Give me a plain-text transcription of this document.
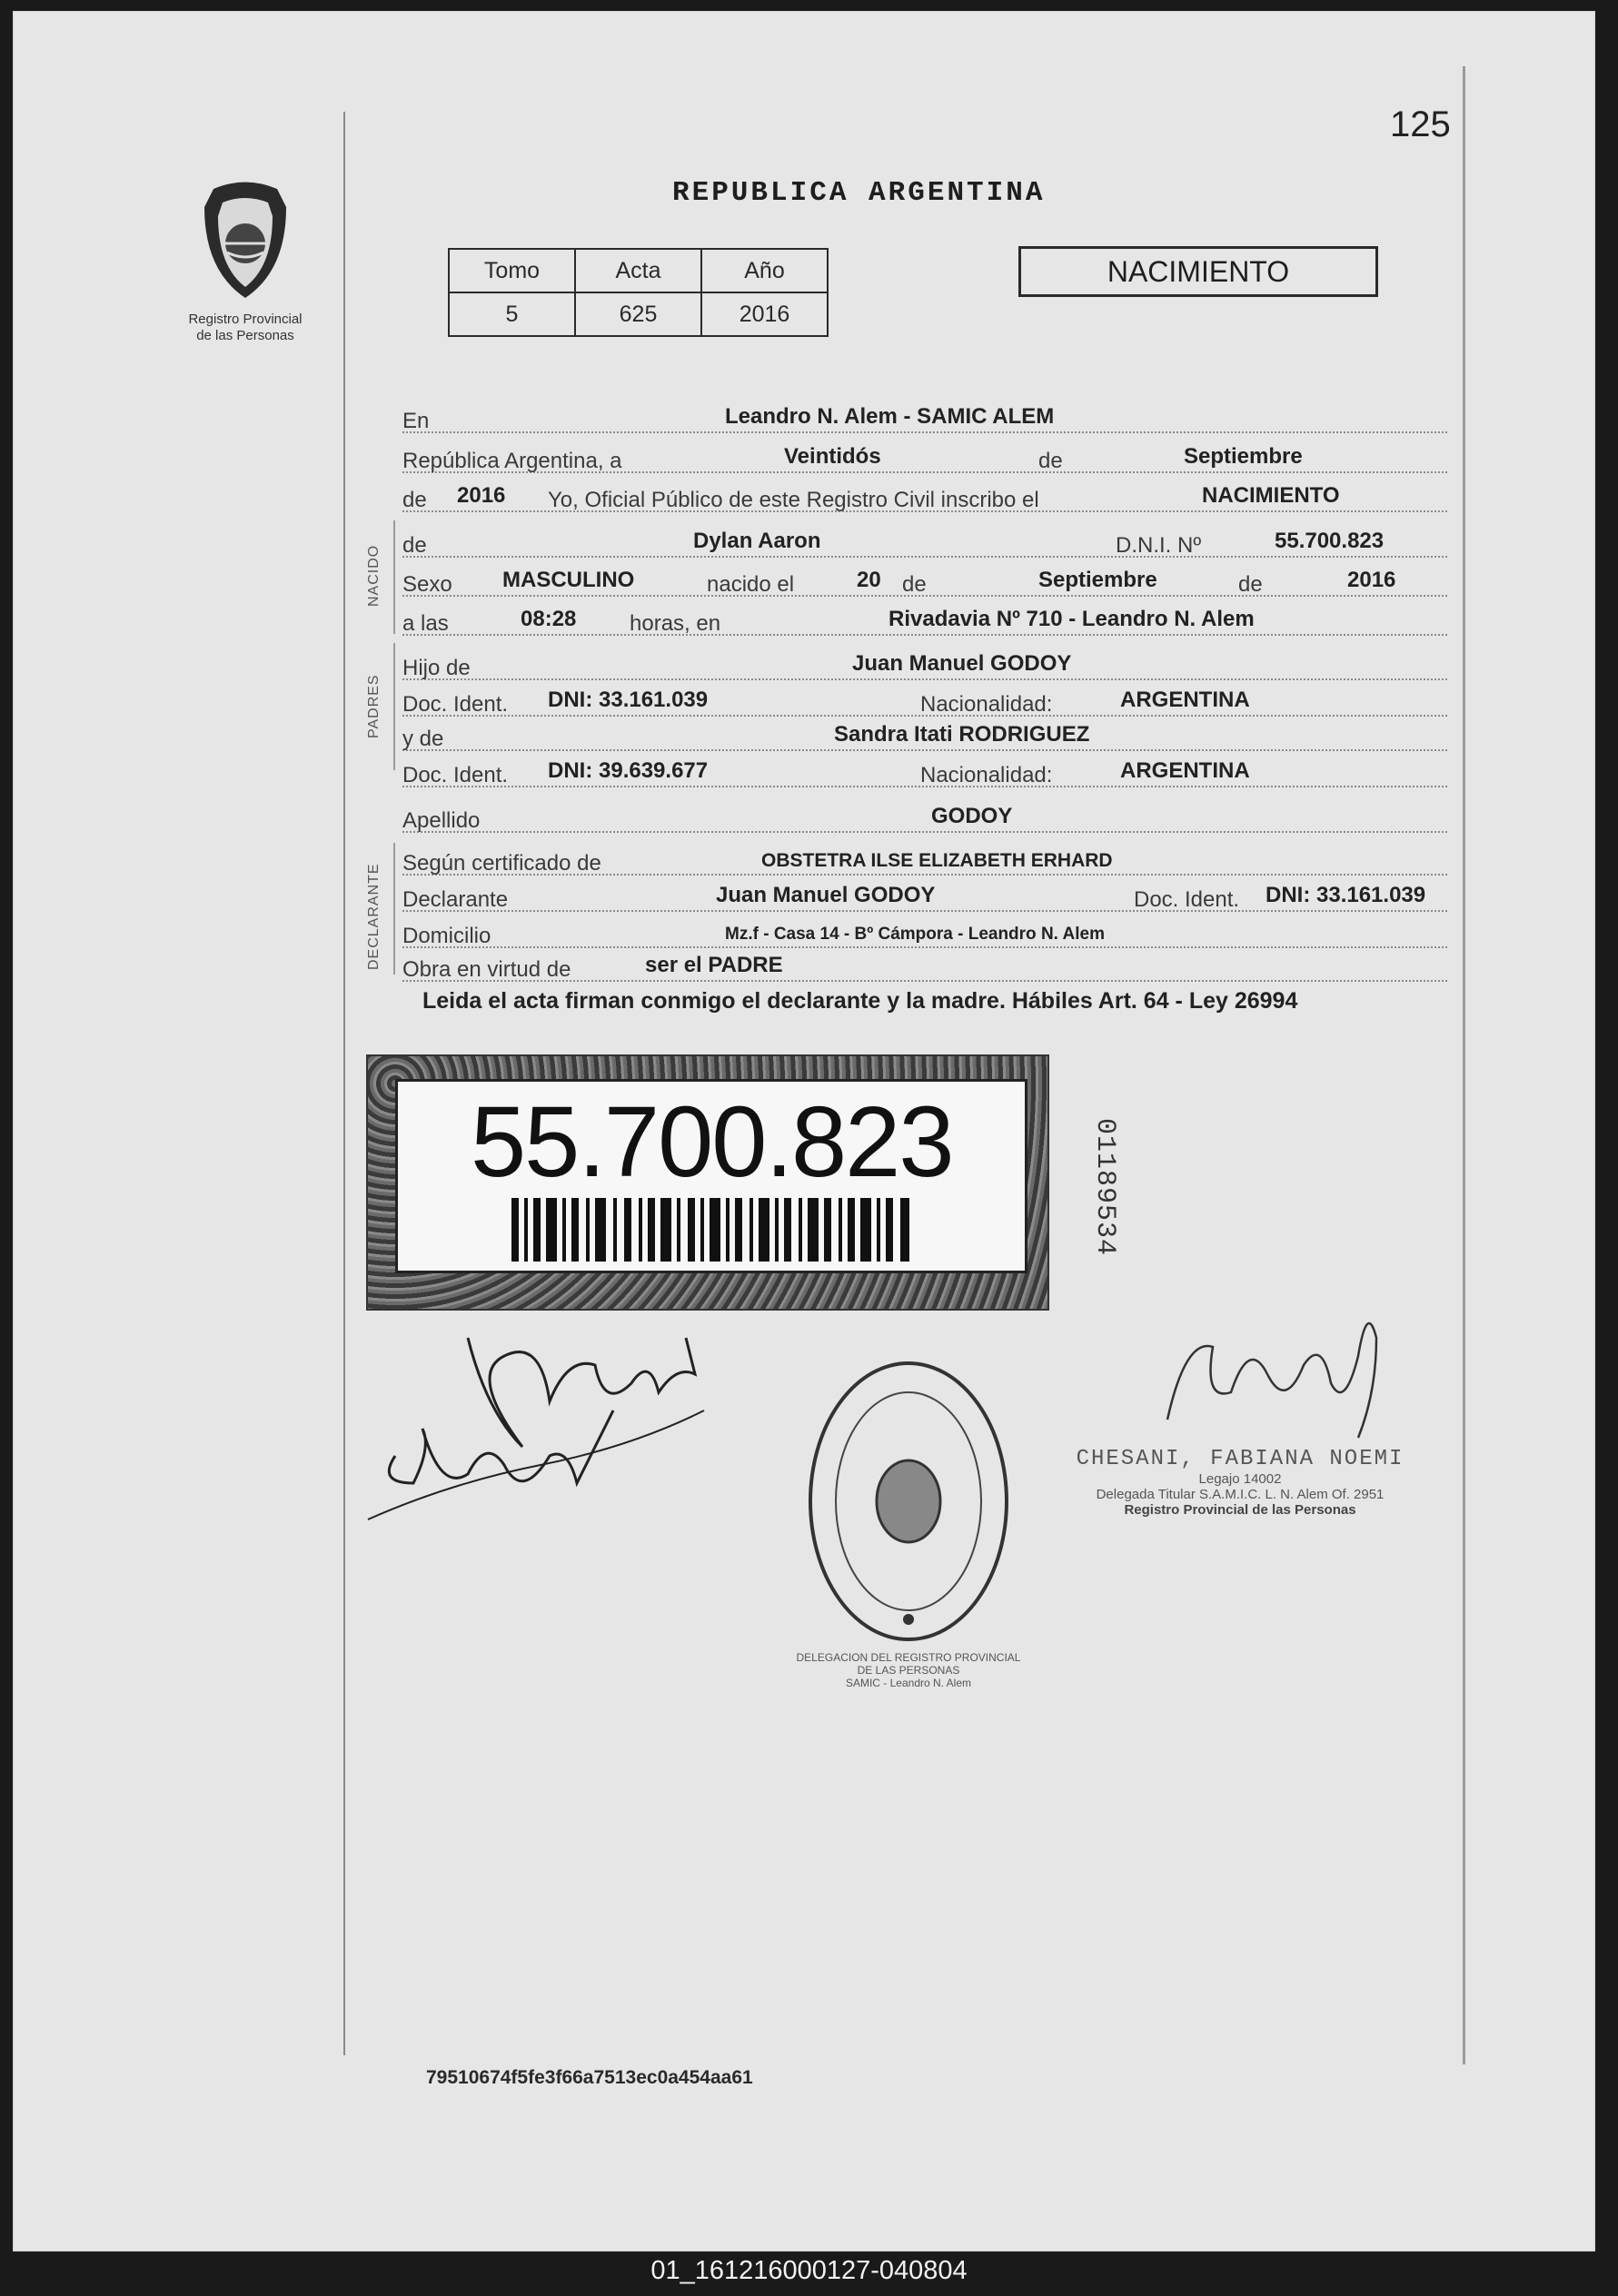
Registro Provincial
de las Personas
125
REPUBLICA ARGENTINA
Tomo	Acta	Año
5	625	2016
NACIMIENTO
En	Leandro N. Alem - SAMIC ALEM
República Argentina, a	Veintidós	de	Septiembre
de 2016 Yo, Oficial Público de este Registro Civil inscribo el	NACIMIENTO
NACIDO de	Dylan Aaron	D.N.I. Nº	55.700.823
Sexo MASCULINO	nacido el	20 de	Septiembre	de	2016
a las	08:28 horas, en	Rivadavia Nº 710 - Leandro N. Alem
PADRES
Hijo de	Juan Manuel GODOY
Doc. Ident. DNI: 33.161.039	Nacionalidad:	ARGENTINA
y de	Sandra Itati RODRIGUEZ
Doc. Ident. DNI: 39.639.677	Nacionalidad:	ARGENTINA
Apellido	GODOY
DECLARANTE Según certificado de	OBSTETRA ILSE ELIZABETH ERHARD
Declarante	Juan Manuel GODOY	Doc. Ident. DNI: 33.161.039
Domicilio	Mz.f - Casa 14 - Bº Cámpora - Leandro N. Alem
Obra en virtud de	ser el PADRE
Leida el acta firman conmigo el declarante y la madre. Hábiles Art. 64 - Ley 26994
55.700.823	01189534
DELEGACION DEL REGISTRO PROVINCIAL DE LAS PERSONAS
SAMIC - Leandro N. Alem
CHESANI, FABIANA NOEMI
Legajo 14002
Delegada Titular S.A.M.I.C. L. N. Alem Of. 2951
Registro Provincial de las Personas
79510674f5fe3f66a7513ec0a454aa61
01_161216000127-040804
